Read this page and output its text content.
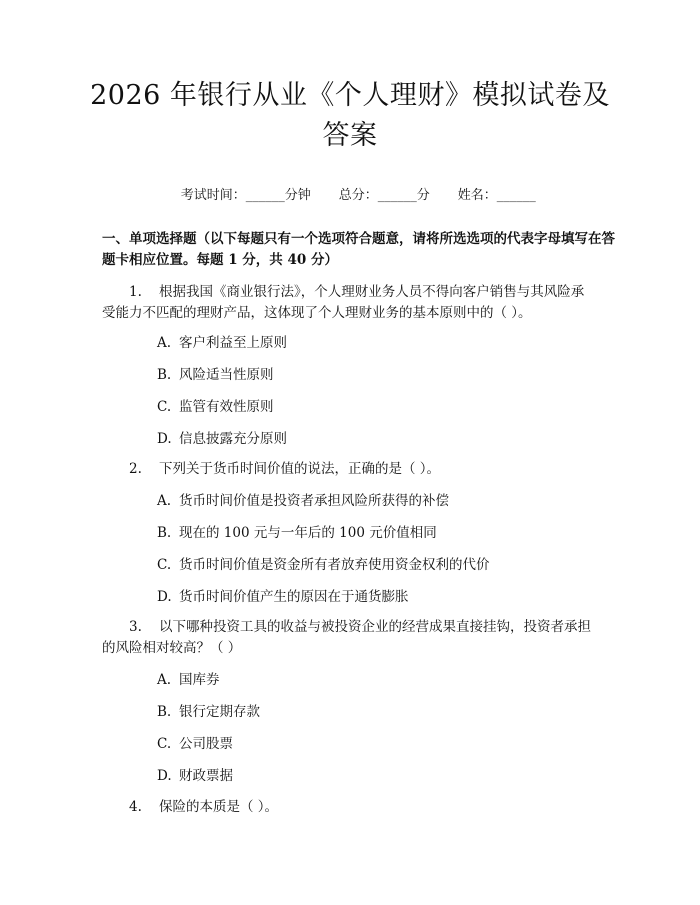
2026 年银行从业《个人理财》模拟试卷及答案

考试时间：______分钟 总分：______分 姓名：______

一、单项选择题（以下每题只有一个选项符合题意，请将所选选项的代表字母填写在答题卡相应位置。每题 1 分，共 40 分）
1. 根据我国《商业银行法》，个人理财业务人员不得向客户销售与其风险承受能力不匹配的理财产品，这体现了个人理财业务的基本原则中的（ ）。
A. 客户利益至上原则
B. 风险适当性原则
C. 监管有效性原则
D. 信息披露充分原则
2. 下列关于货币时间价值的说法，正确的是（ ）。
A. 货币时间价值是投资者承担风险所获得的补偿
B. 现在的 100 元与一年后的 100 元价值相同
C. 货币时间价值是资金所有者放弃使用资金权利的代价
D. 货币时间价值产生的原因在于通货膨胀
3. 以下哪种投资工具的收益与被投资企业的经营成果直接挂钩，投资者承担的风险相对较高？（ ）
A. 国库券
B. 银行定期存款
C. 公司股票
D. 财政票据
4. 保险的本质是（ ）。
